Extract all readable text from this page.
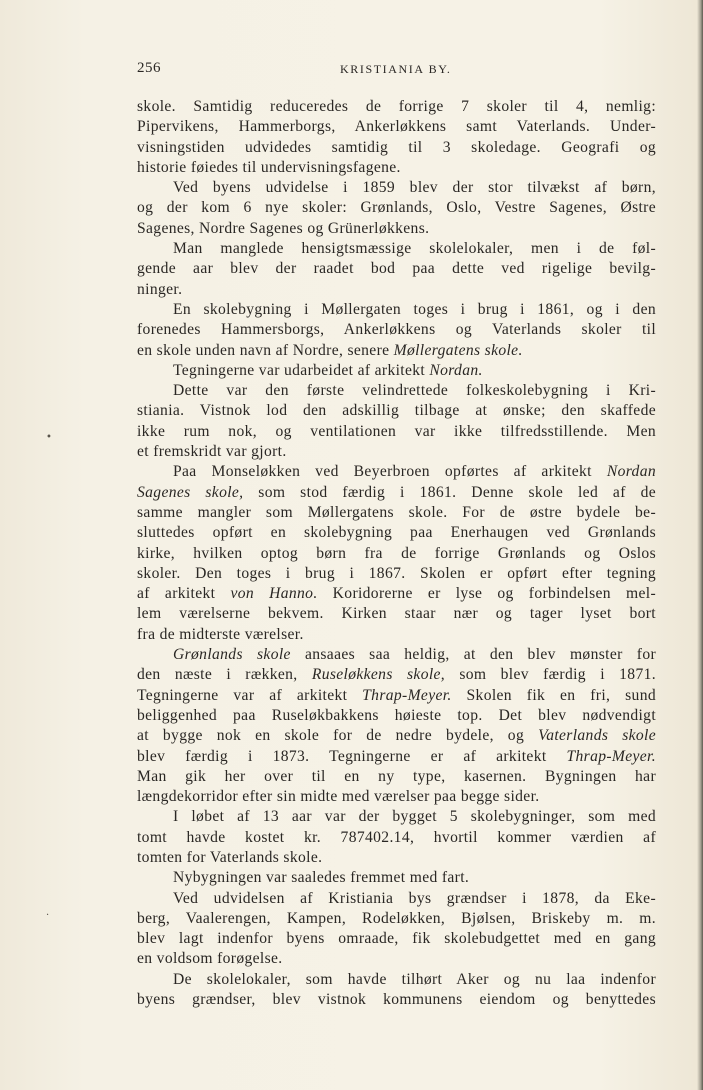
256	KRISTIANIA BY.
skole. Samtidig reduceredes de forrige 7 skoler til 4, nemlig:
Pipervikens, Hammerborgs, Ankerløkkens samt Vaterlands. Under-
visningstiden udvidedes samtidig til 3 skoledage. Geografi og
historie føiedes til undervisningsfagene.
Ved byens udvidelse i 1859 blev der stor tilvækst af børn,
og der kom 6 nye skoler: Grønlands, Oslo, Vestre Sagenes, Østre
Sagenes, Nordre Sagenes og Grünerløkkens.
Man manglede hensigtsmæssige skolelokaler, men i de føl-
gende aar blev der raadet bod paa dette ved rigelige bevilg-
ninger.
En skolebygning i Møllergaten toges i brug i 1861, og i den
forenedes Hammersborgs, Ankerløkkens og Vaterlands skoler til
en skole unden navn af Nordre, senere Møllergatens skole.
Tegningerne var udarbeidet af arkitekt Nordan.
Dette var den første velindrettede folkeskolebygning i Kri-
stiania. Vistnok lod den adskillig tilbage at ønske; den skaffede
ikke rum nok, og ventilationen var ikke tilfredsstillende. Men
et fremskridt var gjort.
Paa Monseløkken ved Beyerbroen opførtes af arkitekt Nordan
Sagenes skole, som stod færdig i 1861. Denne skole led af de
samme mangler som Møllergatens skole. For de østre bydele be-
sluttedes opført en skolebygning paa Enerhaugen ved Grønlands
kirke, hvilken optog børn fra de forrige Grønlands og Oslos
skoler. Den toges i brug i 1867. Skolen er opført efter tegning
af arkitekt von Hanno. Koridorerne er lyse og forbindelsen mel-
lem værelserne bekvem. Kirken staar nær og tager lyset bort
fra de midterste værelser.
Grønlands skole ansaaes saa heldig, at den blev mønster for
den næste i rækken, Ruseløkkens skole, som blev færdig i 1871.
Tegningerne var af arkitekt Thrap-Meyer. Skolen fik en fri, sund
beliggenhed paa Ruseløkbakkens høieste top. Det blev nødvendigt
at bygge nok en skole for de nedre bydele, og Vaterlands skole
blev færdig i 1873. Tegningerne er af arkitekt Thrap-Meyer.
Man gik her over til en ny type, kasernen. Bygningen har
længdekorridor efter sin midte med værelser paa begge sider.
I løbet af 13 aar var der bygget 5 skolebygninger, som med
tomt havde kostet kr. 787402.14, hvortil kommer værdien af
tomten for Vaterlands skole.
Nybygningen var saaledes fremmet med fart.
Ved udvidelsen af Kristiania bys grændser i 1878, da Eke-
berg, Vaalerengen, Kampen, Rodeløkken, Bjølsen, Briskeby m. m.
blev lagt indenfor byens omraade, fik skolebudgettet med en gang
en voldsom forøgelse.
De skolelokaler, som havde tilhørt Aker og nu laa indenfor
byens grændser, blev vistnok kommunens eiendom og benyttedes
•
·
